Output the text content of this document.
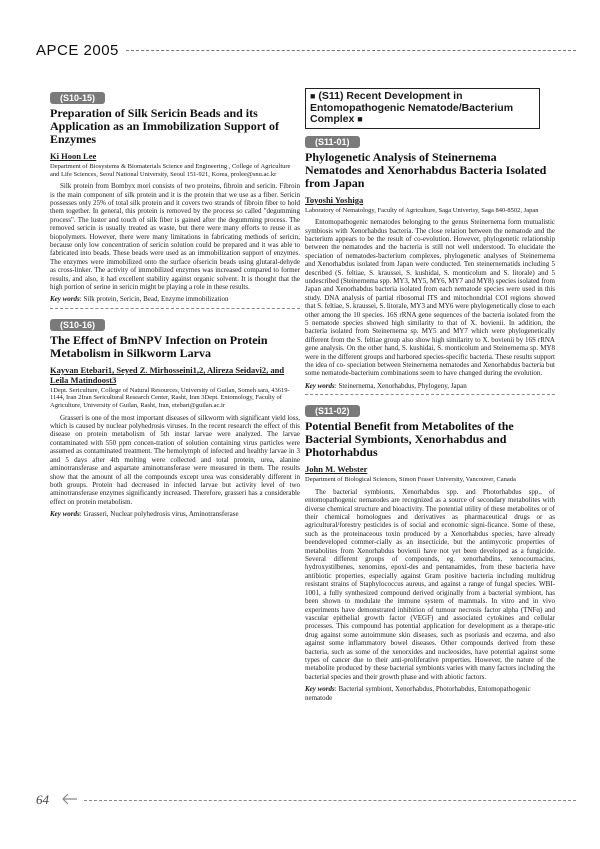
APCE 2005
(S10-15)
Preparation of Silk Sericin Beads and its Application as an Immobilization Support of Enzymes
Ki Hoon Lee
Department of Biosystems & Biomaterials Science and Engineering , College of Agriculture and Life Sciences, Seoul National University, Seoul 151-921, Korea, prolee@snu.ac.kr

Silk protein from Bombyx mori consists of two proteins, fibroin and sericin. Fibroin is the main component of silk protein and it is the protein that we use as a fiber. Sericin possesses only 25% of total silk protein and it covers two strands of fibroin fiber to hold them together. In general, this protein is removed by the process so called "degumming process". The luster and touch of silk fiber is gained after the degumming process. The removed sericin is usually treated as waste, but there were many efforts to reuse it as biopolymers. However, there were many limitations in fabricating methods of sericin, because only low concentration of sericin solution could be prepared and it was able to fabricated into beads. These beads were used as an immobilization support of enzymes. The enzymes were immobilized onto the surface ofsericin beads using glutaral-dehyde as cross-linker. The activity of immobilized enzymes was increased compared to former results, and also, it had excellent stability against organic solvent. It is thought that the high portion of serine in sericin might be playing a role in these results.

Key words: Silk protein, Sericin, Bead, Enzyme immobilization
(S10-16)
The Effect of BmNPV Infection on Protein Metabolism in Silkworm Larva
Kayvan Etebari1, Seyed Z. Mirhosseini1,2, Alireza Seidavi2, and Leila Matindoost3
1Dept. Sericulture, College of Natural Resources, University of Guilan, Someh sara, 43619-1144, Iran 2Iran Sericultural Research Center, Rasht, Iran 3Dept. Entomology, Faculty of Agriculture, University of Guilan, Rasht, Iran, etebari@guilan.ac.ir

Grasseri is one of the most important diseases of silkworm with significant yield loss, which is caused by nuclear polyhedrosis viruses. In the recent research the effect of this disease on protein metabolism of 5th instar larvae were analyzed. The larvae contaminated with 550 ppm concen-tration of solution containing virus particles were assumed as contaminated treatment. The hemolymph of infected and healthy larvae in 3 and 5 days after 4th molting were collected and total protein, urea, alanine aminotransferase and aspartate aminotransferase were measured in them. The results show that the amount of all the compounds except urea was considerably different in both groups. Protein had decreased in infected larvae but activity level of two aminotransferase enzymes significantly increased. Therefore, grasseri has a considerable effect on protein metabolism.

Key words: Grasseri, Nuclear polyhedrosis virus, Aminotransferase
■ (S11) Recent Development in Entomopathogenic Nematode/Bacterium Complex ■
(S11-01)
Phylogenetic Analysis of Steinernema Nematodes and Xenorhabdus Bacteria Isolated from Japan
Toyoshi Yoshiga
Laboratory of Nematology, Faculty of Agriculture, Saga Univerisy, Saga 840-8502, Japan

Entomopathogenic nematodes belonging to the genus Steinernema form mutualistic symbiosis with Xenorhabdus bacteria. The close relation between the nematode and the bacterium appears to be the result of co-evolution. However, phylogenetic relationship between the nematodes and the bacteria is still not well understood. To elucidate the speciation of nematodes-bacterium complexes, phylogenetic analyses of Steinernema and Xenorhabdus isolated from Japan were conducted. Ten steinernematids including 5 described (S. feltiae, S. kraussei, S. kushidai, S. monticolum and S. litorale) and 5 undescribed (Steinernema spp. MY3, MY5, MY6, MY7 and MY8) species isolated from Japan and Xenorhabdus bacteria isolated from each nematode species were used in this study. DNA analysis of partial ribosomal ITS and mitochondrial COI regions showed that S. feltiae, S. kraussei, S. litorale, MY3 and MY6 were phylogenetically close to each other among the 10 species. 16S rRNA gene sequences of the bacteria isolated from the 5 nematode species showed high similarity to that of X. bovienii. In addition, the bacteria isolated from Steinernema sp. MY5 and MY7 which were phylogenetically different from the S. feltiae group also show high similarity to X. bovienii by 16S rRNA gene analysis. On the other hand, S. kushidai, S. monticolum and Steinernema sp. MY8 were in the different groups and harbored species-specific bacteria. These results support the idea of co- speciation between Steinernema nematodes and Xenorhabdus bacteria but some nematode-bacterium combinations seem to have changed during the evolution.

Key words: Steinernema, Xenorhabdus, Phylogeny, Japan
(S11-02)
Potential Benefit from Metabolites of the Bacterial Symbionts, Xenorhabdus and Photorhabdus
John M. Webster
Department of Biological Sciences, Simon Fraser University, Vancouver, Canada

The bacterial symbionts, Xenorhabdus spp. and Photorhabdus spp., of entomopathogenic nematodes are recognized as a source of secondary metabolites with diverse chemical structure and bioactivity. The potential utility of these metabolites or of their chemical homologues and derivatives as pharmaceutical drugs or as agricultural/forestry pesticides is of social and economic signi-ficance. Some of these, such as the proteinaceous toxin produced by a Xenorhabdus species, have already beendeveloped commer-cially as an insecticide, but the antimycotic properties of metabolites from Xenorhabdus bovienii have not yet been developed as a fungicide. Several different groups of compounds, eg. xenorhabdins, xenocoumacins, hydroxystilbenes, xenomins, epoxi-des and pentanamides, from these bacteria have antibiotic properties, especially against Gram positive bacteria including multidrug resistant strains of Staphylococcus aureus, and against a range of fungal species. WBI-1001, a fully synthesized compound derived originally from a bacterial symbiont, has been shown to modulate the immune system of mammals. In vitro and in vivo experiments have demonstrated inhibition of tumour necrosis factor alpha (TNFα) and vascular epithelial growth factor (VEGF) and associated cytokines and cellular processes. This compound has potential application for development as a therape-utic drug against some autoimmune skin diseases, such as psoriasis and eczema, and also against some inflammatory bowel diseases. Other compounds derived from these bacteria, such as some of the xenorxides and nucleosides, have potential against some types of cancer due to their anti-proliferative properties. However, the nature of the metabolite produced by these bacterial symbionts varies with many factors including the bacterial species and their growth phase and with abiotic factors.

Key words: Bacterial symbiont, Xenorhabdus, Photorhabdus, Entomopathogenic nematode
64
